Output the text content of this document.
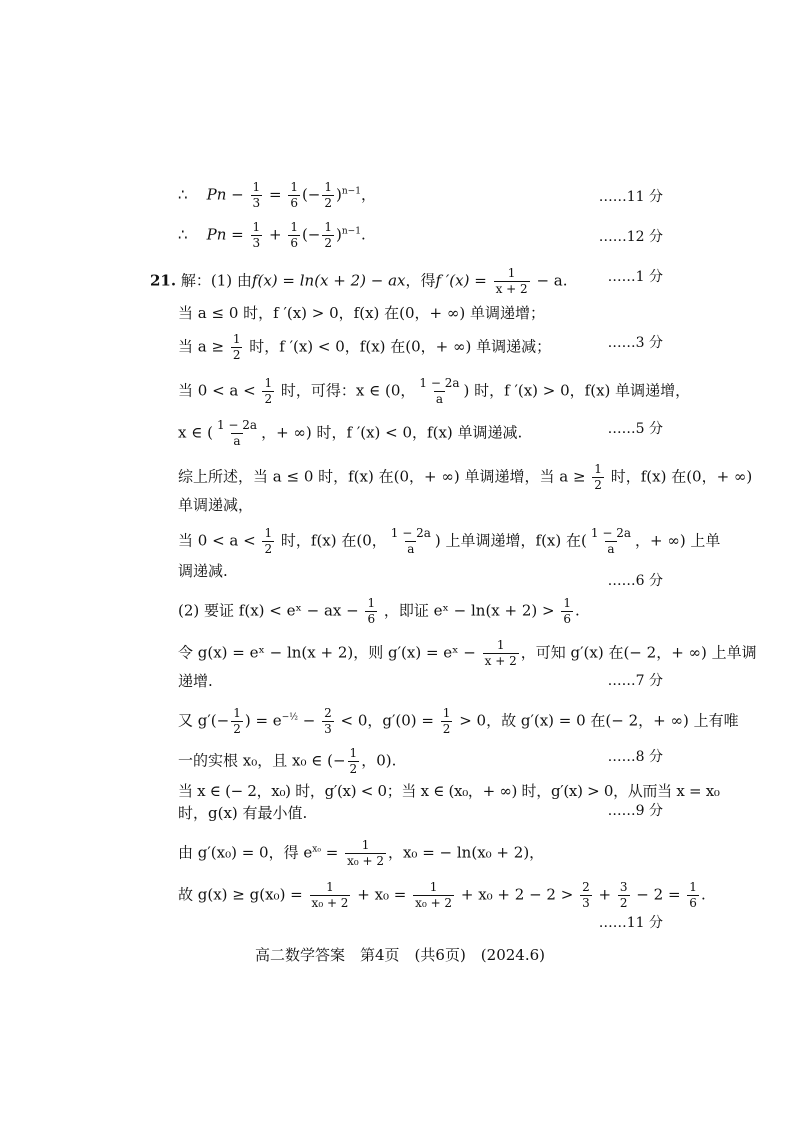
∴ $Pn - \frac{1}{3} = \frac{1}{6}$ (− $\frac{1}{2} )^{n-1}$，	……11 分
∴ $Pn = \frac{1}{3} + \frac{1}{6}$ (− $\frac{1}{2} )^{n-1}$.	……12 分
21. 解：(1) 由f(x) = ln(x + 2) − ax，得f $'(x) = \frac{1}{x + 2} - a$.	……1 分
当 a ≤ 0 时，f ′(x) > 0，f(x) 在(0，+ ∞) 单调递增；
当 $a \ge \frac{1}{2}$ 时，f ′(x) < 0，f(x) 在(0，+ ∞) 单调递减；	……3 分
当 $0 < a < \frac{1}{2}$ 时，可得：x ∈ (0， $\frac{1 - 2a}{a}$ ) 时，f ′(x) > 0，f(x) 单调递增，
x ∈ ( $\frac{1 - 2a}{a}$ ，+ ∞) 时，f ′(x) < 0，f(x) 单调递减.	……5 分
综上所述，当 a ≤ 0 时，f(x) 在(0，+ ∞) 单调递增，当 $a \ge \frac{1}{2}$ 时，f(x) 在(0，+ ∞)
单调递减，
当 $0 < a < \frac{1}{2}$ 时，f(x) 在(0， $\frac{1 - 2a}{a}$ ) 上单调递增，f(x) 在( $\frac{1 - 2a}{a}$ ，+ ∞) 上单
调递减.
……6 分
(2) 要证 f(x) < eˣ − ax − $\frac{1}{6}$ ，即证 eˣ − $\ln(x + 2) > \frac{1}{6}$ .
令 g(x) = eˣ − ln(x + 2)，则 g′(x) = eˣ − $\frac{1}{x + 2}$ ，可知 g′(x) 在(− 2，+ ∞) 上单调
递增.	……7 分
又 $g'(- \frac{1}{2}$ ) = $e^{-\frac{1}{2}} - \frac{2}{3} < 0$，$g'(0) = \frac{1}{2} > 0$，故 g′(x) = 0 在(− 2，+ ∞) 上有唯
一的实根 x₀，且 x₀ ∈ (− $\frac{1}{2}$ ，0).	……8 分
当 x ∈ (− 2，x₀) 时，g′(x) < 0；当 x ∈ (x₀，+ ∞) 时，g′(x) > 0，从而当 x = x₀
时，g(x) 有最小值.	……9 分
由 g′(x₀) = 0，得 $e^{x_0} = \frac{1}{\text{x₀ + 2}}$ ，x₀ = − ln(x₀ + 2)，
故 $g(x) \ge g(x_0) = \frac{1}{\text{x₀ + 2}} + x_0 = \frac{1}{\text{x₀ + 2}} + x_0 + 2 - 2 > \frac{2}{3} + \frac{3}{2} - 2 = \frac{1}{6}$ .
……11 分
高二数学答案　第4页　(共6页)　(2024.6)
